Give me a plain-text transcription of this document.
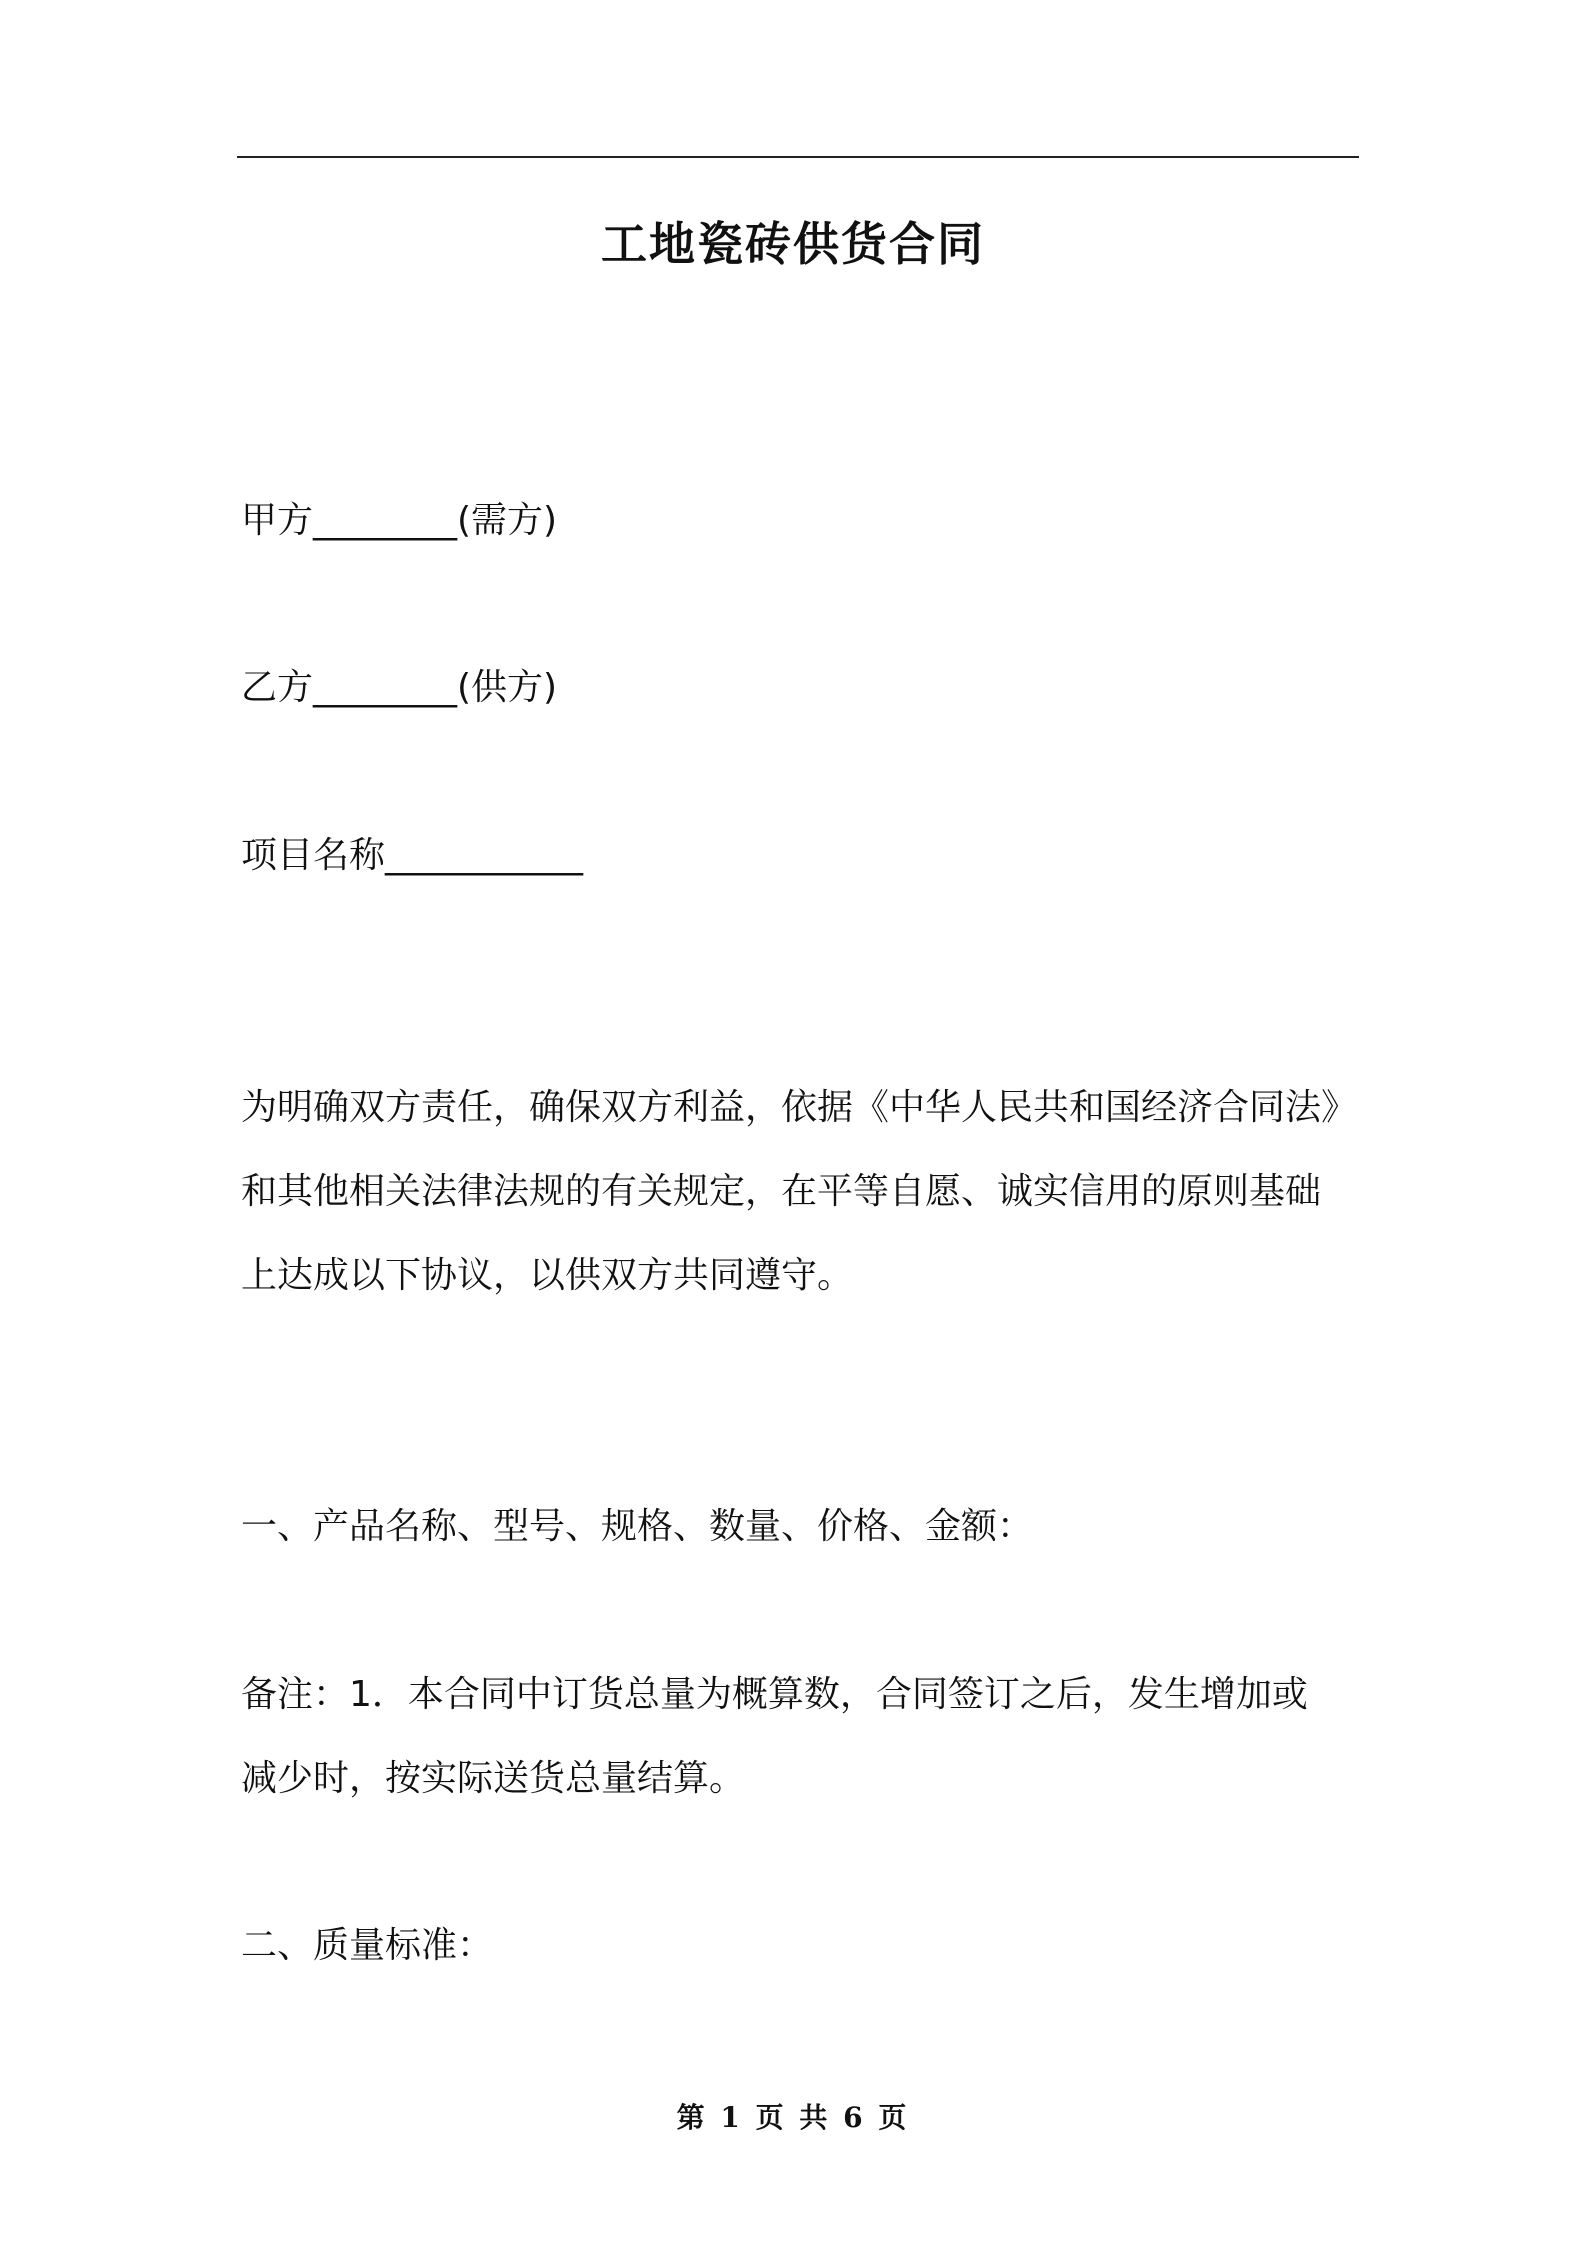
工地瓷砖供货合同
甲方________(需方)
乙方________(供方)
项目名称___________
为明确双方责任，确保双方利益，依据《中华人民共和国经济合同法》
和其他相关法律法规的有关规定，在平等自愿、诚实信用的原则基础
上达成以下协议，以供双方共同遵守。
一、产品名称、型号、规格、数量、价格、金额：
备注：1．本合同中订货总量为概算数，合同签订之后，发生增加或
减少时，按实际送货总量结算。
二、质量标准：
第 1 页 共 6 页
